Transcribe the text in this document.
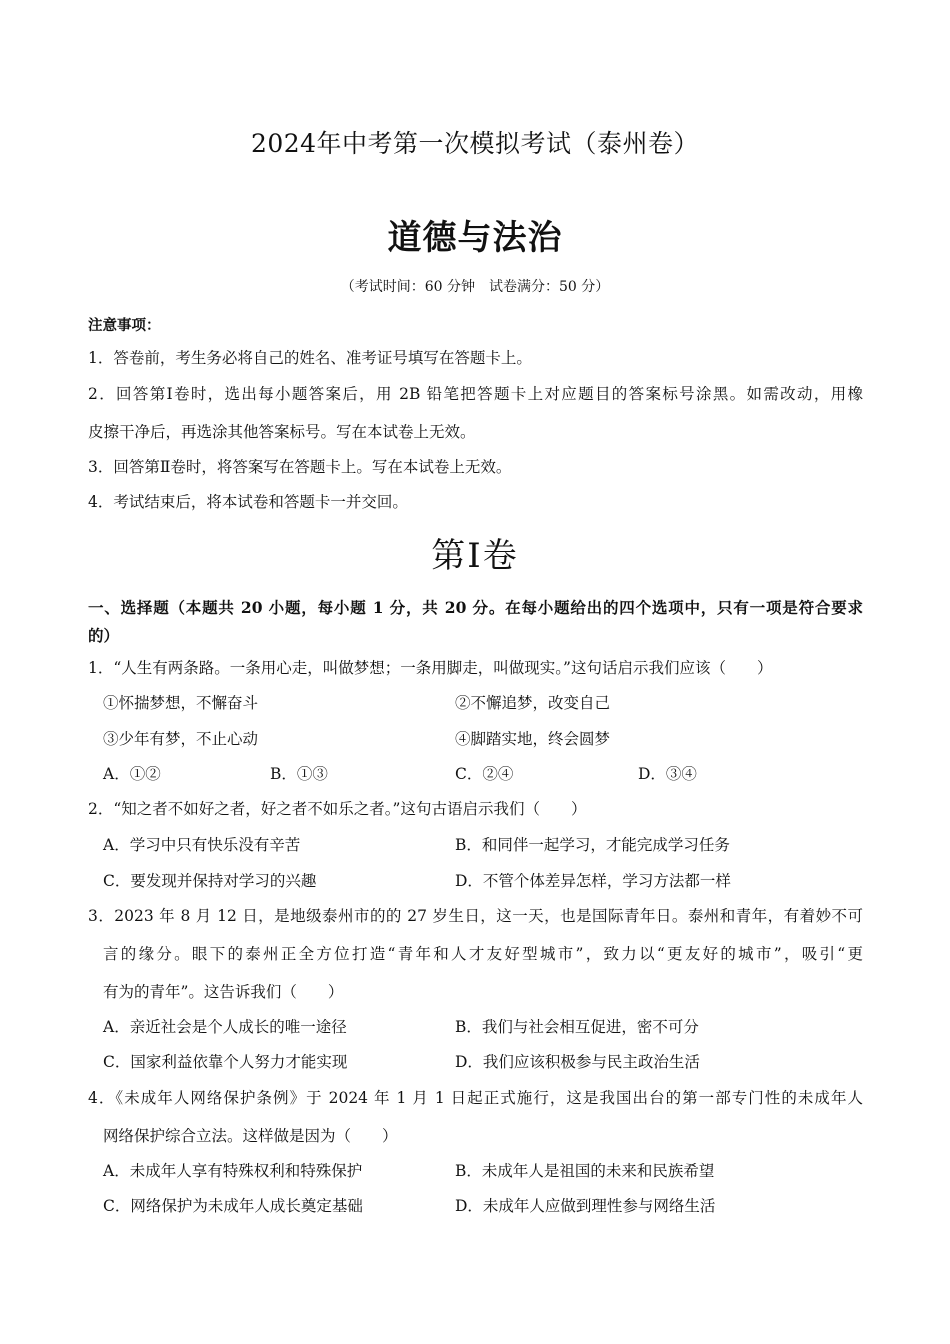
2024年中考第一次模拟考试（泰州卷）
道德与法治
（考试时间：60 分钟　试卷满分：50 分）
注意事项：
1．答卷前，考生务必将自己的姓名、准考证号填写在答题卡上。
2．回答第Ⅰ卷时，选出每小题答案后，用 2B 铅笔把答题卡上对应题目的答案标号涂黑。如需改动，用橡
皮擦干净后，再选涂其他答案标号。写在本试卷上无效。
3．回答第Ⅱ卷时，将答案写在答题卡上。写在本试卷上无效。
4．考试结束后，将本试卷和答题卡一并交回。
第Ⅰ卷
一、选择题（本题共 20 小题，每小题 1 分，共 20 分。在每小题给出的四个选项中，只有一项是符合要求
的）
1．“人生有两条路。一条用心走，叫做梦想；一条用脚走，叫做现实。”这句话启示我们应该（　　）
①怀揣梦想，不懈奋斗	②不懈追梦，改变自己
③少年有梦，不止心动	④脚踏实地，终会圆梦
A．①②	B．①③	C．②④	D．③④
2．“知之者不如好之者，好之者不如乐之者。”这句古语启示我们（　　）
A．学习中只有快乐没有辛苦	B．和同伴一起学习，才能完成学习任务
C．要发现并保持对学习的兴趣	D．不管个体差异怎样，学习方法都一样
3．2023 年 8 月 12 日，是地级泰州市的的 27 岁生日，这一天，也是国际青年日。泰州和青年，有着妙不可
言的缘分。眼下的泰州正全方位打造“青年和人才友好型城市”，致力以“更友好的城市”，吸引“更
有为的青年”。这告诉我们（　　）
A．亲近社会是个人成长的唯一途径	B．我们与社会相互促进，密不可分
C．国家利益依靠个人努力才能实现	D．我们应该积极参与民主政治生活
4．《未成年人网络保护条例》于 2024 年 1 月 1 日起正式施行，这是我国出台的第一部专门性的未成年人
网络保护综合立法。这样做是因为（　　）
A．未成年人享有特殊权利和特殊保护	B．未成年人是祖国的未来和民族希望
C．网络保护为未成年人成长奠定基础	D．未成年人应做到理性参与网络生活
